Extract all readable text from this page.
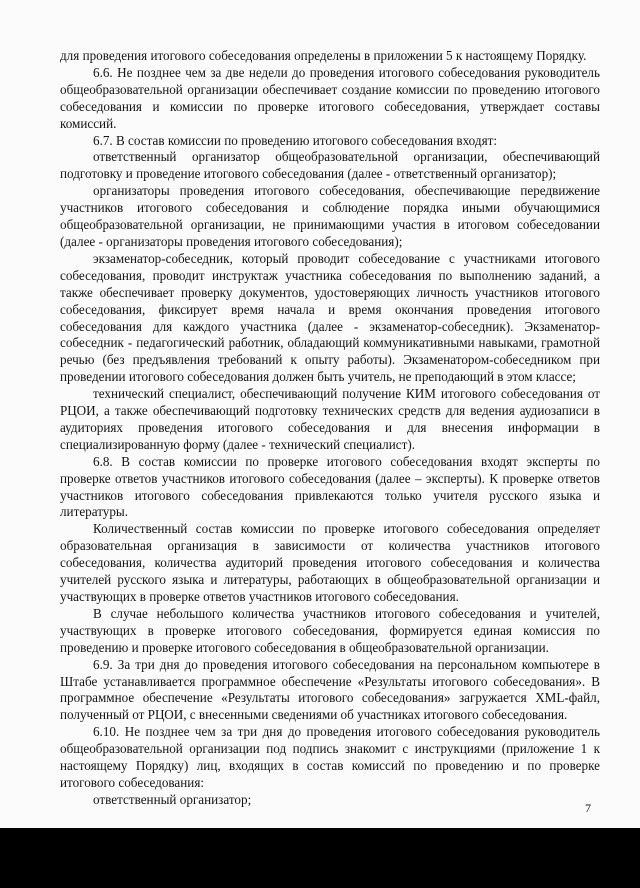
для проведения итогового собеседования определены в приложении 5 к настоящему Порядку.

6.6. Не позднее чем за две недели до проведения итогового собеседования руководитель общеобразовательной организации обеспечивает создание комиссии по проведению итогового собеседования и комиссии по проверке итогового собеседования, утверждает составы комиссий.

6.7. В состав комиссии по проведению итогового собеседования входят:

ответственный организатор общеобразовательной организации, обеспечивающий подготовку и проведение итогового собеседования (далее - ответственный организатор);

организаторы проведения итогового собеседования, обеспечивающие передвижение участников итогового собеседования и соблюдение порядка иными обучающимися общеобразовательной организации, не принимающими участия в итоговом собеседовании (далее - организаторы проведения итогового собеседования);

экзаменатор-собеседник, который проводит собеседование с участниками итогового собеседования, проводит инструктаж участника собеседования по выполнению заданий, а также обеспечивает проверку документов, удостоверяющих личность участников итогового собеседования, фиксирует время начала и время окончания проведения итогового собеседования для каждого участника (далее - экзаменатор-собеседник). Экзаменатор-собеседник - педагогический работник, обладающий коммуникативными навыками, грамотной речью (без предъявления требований к опыту работы). Экзаменатором-собеседником при проведении итогового собеседования должен быть учитель, не преподающий в этом классе;

технический специалист, обеспечивающий получение КИМ итогового собеседования от РЦОИ, а также обеспечивающий подготовку технических средств для ведения аудиозаписи в аудиториях проведения итогового собеседования и для внесения информации в специализированную форму (далее - технический специалист).

6.8. В состав комиссии по проверке итогового собеседования входят эксперты по проверке ответов участников итогового собеседования (далее – эксперты). К проверке ответов участников итогового собеседования привлекаются только учителя русского языка и литературы.

Количественный состав комиссии по проверке итогового собеседования определяет образовательная организация в зависимости от количества участников итогового собеседования, количества аудиторий проведения итогового собеседования и количества учителей русского языка и литературы, работающих в общеобразовательной организации и участвующих в проверке ответов участников итогового собеседования.

В случае небольшого количества участников итогового собеседования и учителей, участвующих в проверке итогового собеседования, формируется единая комиссия по проведению и проверке итогового собеседования в общеобразовательной организации.

6.9. За три дня до проведения итогового собеседования на персональном компьютере в Штабе устанавливается программное обеспечение «Результаты итогового собеседования». В программное обеспечение «Результаты итогового собеседования» загружается XML-файл, полученный от РЦОИ, с внесенными сведениями об участниках итогового собеседования.

6.10. Не позднее чем за три дня до проведения итогового собеседования руководитель общеобразовательной организации под подпись знакомит с инструкциями (приложение 1 к настоящему Порядку) лиц, входящих в состав комиссий по проведению и по проверке итогового собеседования:

ответственный организатор;

7
